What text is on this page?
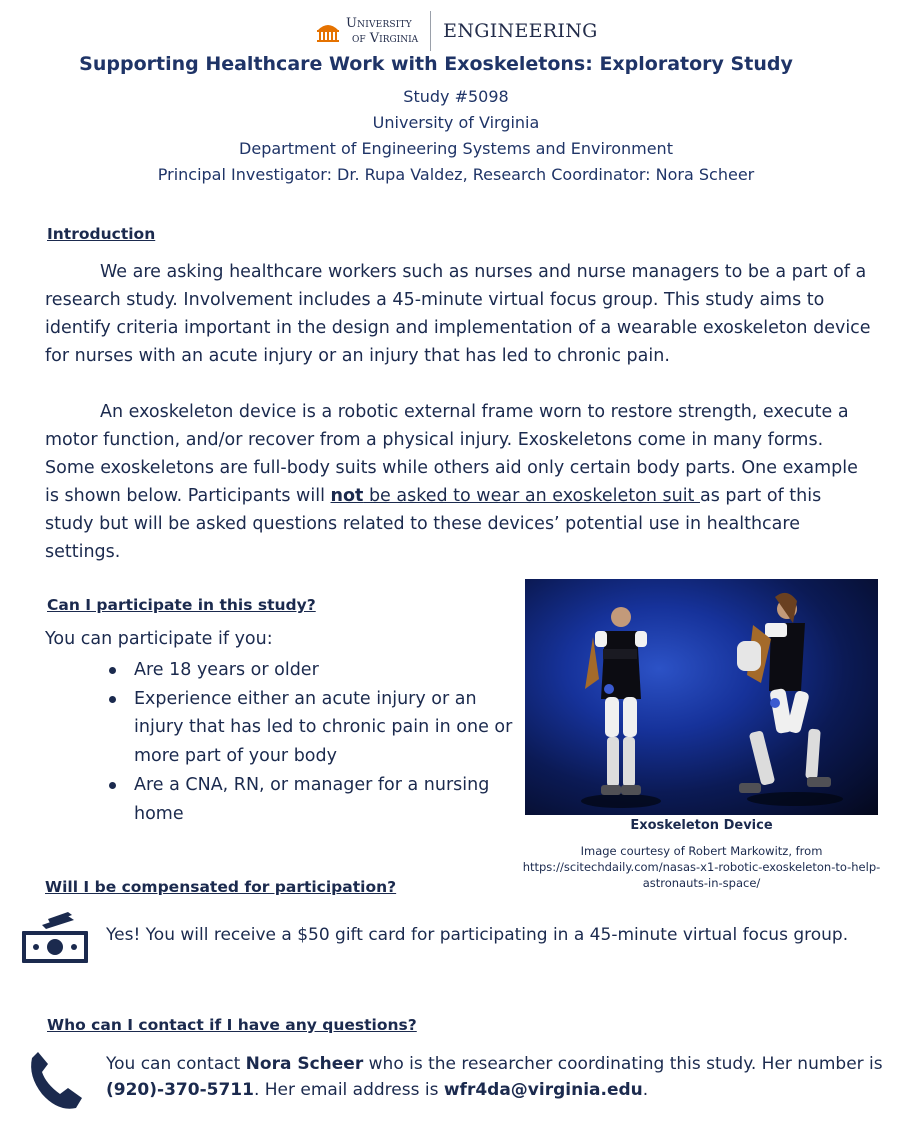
University
of Virginia ENGINEERING
Supporting Healthcare Work with Exoskeletons: Exploratory Study
Study #5098
University of Virginia
Department of Engineering Systems and Environment
Principal Investigator: Dr. Rupa Valdez, Research Coordinator: Nora Scheer
Introduction

We are asking healthcare workers such as nurses and nurse managers to be a part of a research study. Involvement includes a 45-minute virtual focus group. This study aims to identify criteria important in the design and implementation of a wearable exoskeleton device for nurses with an acute injury or an injury that has led to chronic pain.

An exoskeleton device is a robotic external frame worn to restore strength, execute a motor function, and/or recover from a physical injury. Exoskeletons come in many forms. Some exoskeletons are full-body suits while others aid only certain body parts. One example is shown below. Participants will not be asked to wear an exoskeleton suit as part of this study but will be asked questions related to these devices’ potential use in healthcare settings.

Can I participate in this study?
You can participate if you:
Are 18 years or older
Experience either an acute injury or an injury that has led to chronic pain in one or more part of your body
Are a CNA, RN, or manager for a nursing home
Exoskeleton Device
Image courtesy of Robert Markowitz, from
https://scitechdaily.com/nasas-x1-robotic-exoskeleton-to-help-
astronauts-in-space/
Will I be compensated for participation?
Yes! You will receive a $50 gift card for participating in a 45-minute virtual focus group.
Who can I contact if I have any questions?
You can contact Nora Scheer who is the researcher coordinating this study. Her number is (920)-370-5711. Her email address is wfr4da@virginia.edu.
